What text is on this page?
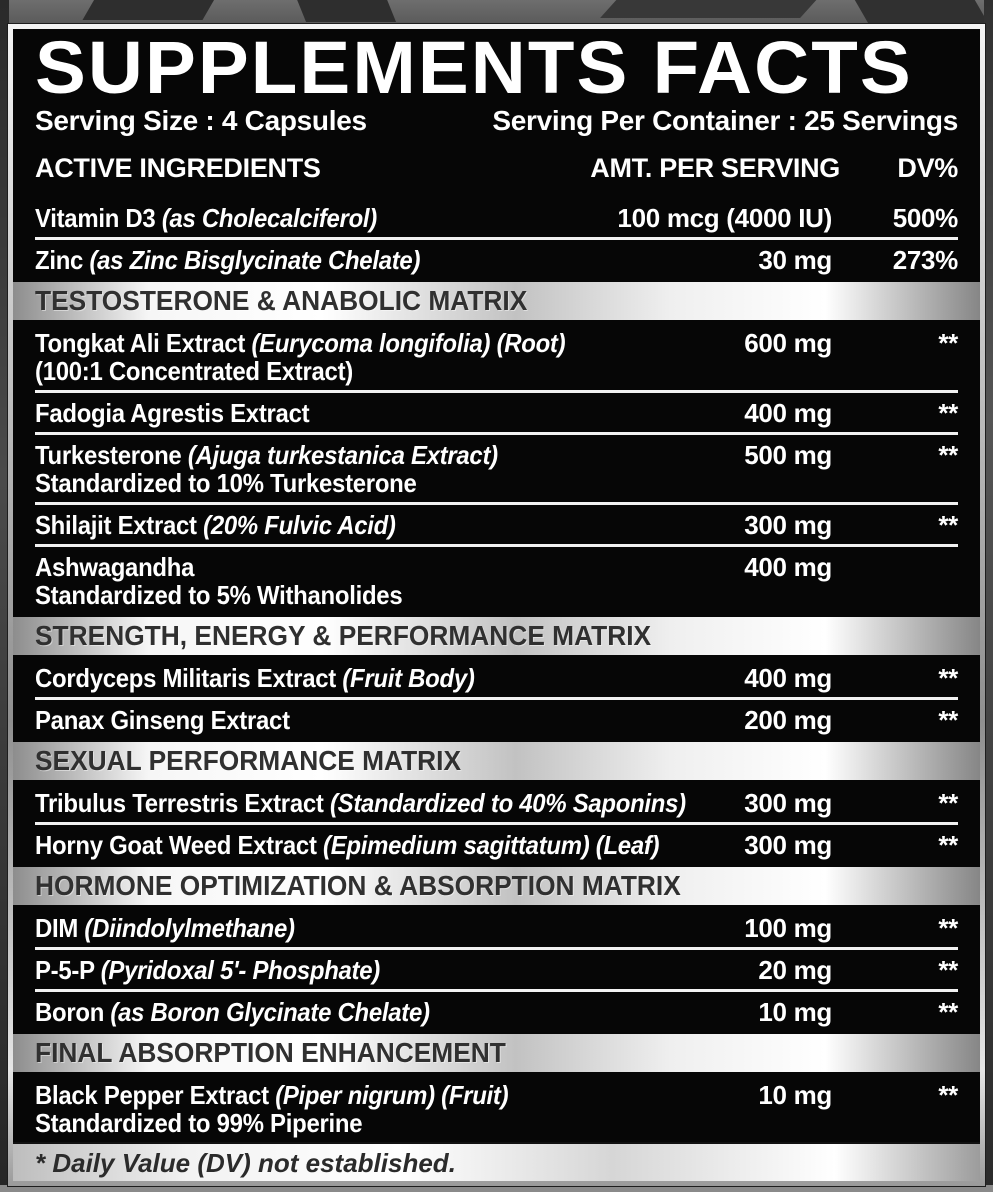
SUPPLEMENTS FACTS
Serving Size : 4 Capsules	Serving Per Container : 25 Servings
ACTIVE INGREDIENTS	AMT. PER SERVING DV%
Vitamin D3 (as Cholecalciferol)	100 mcg (4000 IU) 500%
Zinc (as Zinc Bisglycinate Chelate)	30 mg 273%
TESTOSTERONE & ANABOLIC MATRIX
Tongkat Ali Extract (Eurycoma longifolia) (Root)
(100:1 Concentrated Extract)
600 mg	**
Fadogia Agrestis Extract	400 mg	**
Turkesterone (Ajuga turkestanica Extract)
Standardized to 10% Turkesterone
500 mg	**
Shilajit Extract (20% Fulvic Acid)	300 mg	**
Ashwagandha
Standardized to 5% Withanolides
400 mg
STRENGTH, ENERGY & PERFORMANCE MATRIX
Cordyceps Militaris Extract (Fruit Body)	400 mg	**
Panax Ginseng Extract	200 mg	**
SEXUAL PERFORMANCE MATRIX
Tribulus Terrestris Extract (Standardized to 40% Saponins)	300 mg	**
Horny Goat Weed Extract (Epimedium sagittatum) (Leaf)	300 mg	**
HORMONE OPTIMIZATION & ABSORPTION MATRIX
DIM (Diindolylmethane)	100 mg	**
P-5-P (Pyridoxal 5'- Phosphate)	20 mg	**
Boron (as Boron Glycinate Chelate)	10 mg	**
FINAL ABSORPTION ENHANCEMENT
Black Pepper Extract (Piper nigrum) (Fruit)
Standardized to 99% Piperine
10 mg	**
* Daily Value (DV) not established.
